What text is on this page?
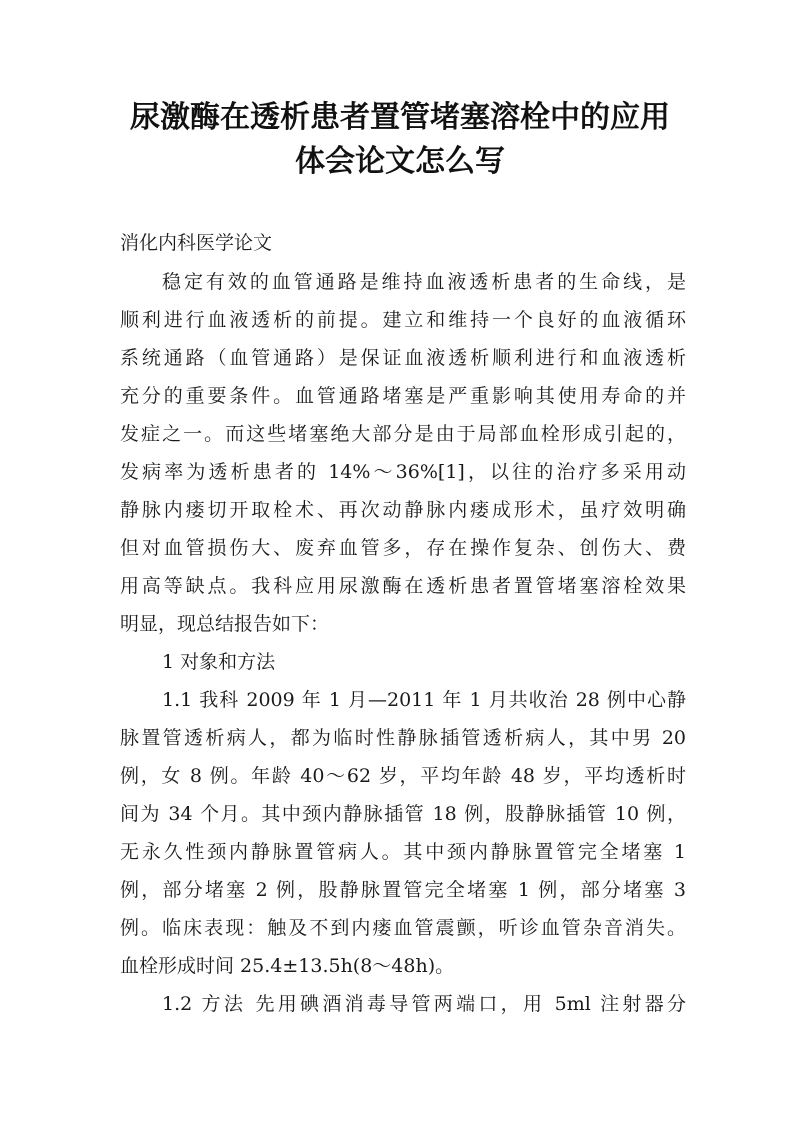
尿激酶在透析患者置管堵塞溶栓中的应用
体会论文怎么写
消化内科医学论文
稳定有效的血管通路是维持血液透析患者的生命线，是
顺利进行血液透析的前提。建立和维持一个良好的血液循环
系统通路（血管通路）是保证血液透析顺利进行和血液透析
充分的重要条件。血管通路堵塞是严重影响其使用寿命的并
发症之一。而这些堵塞绝大部分是由于局部血栓形成引起的，
发病率为透析患者的 14%～36%[1]，以往的治疗多采用动
静脉内瘘切开取栓术、再次动静脉内瘘成形术，虽疗效明确
但对血管损伤大、废弃血管多，存在操作复杂、创伤大、费
用高等缺点。我科应用尿激酶在透析患者置管堵塞溶栓效果
明显，现总结报告如下：
1 对象和方法
1.1 我科 2009 年 1 月—2011 年 1 月共收治 28 例中心静
脉置管透析病人，都为临时性静脉插管透析病人，其中男 20
例，女 8 例。年龄 40～62 岁，平均年龄 48 岁，平均透析时
间为 34 个月。其中颈内静脉插管 18 例，股静脉插管 10 例，
无永久性颈内静脉置管病人。其中颈内静脉置管完全堵塞 1
例，部分堵塞 2 例，股静脉置管完全堵塞 1 例，部分堵塞 3
例。临床表现：触及不到内瘘血管震颤，听诊血管杂音消失。
血栓形成时间 25.4±13.5h(8～48h)。
1.2 方法 先用碘酒消毒导管两端口，用 5ml 注射器分
